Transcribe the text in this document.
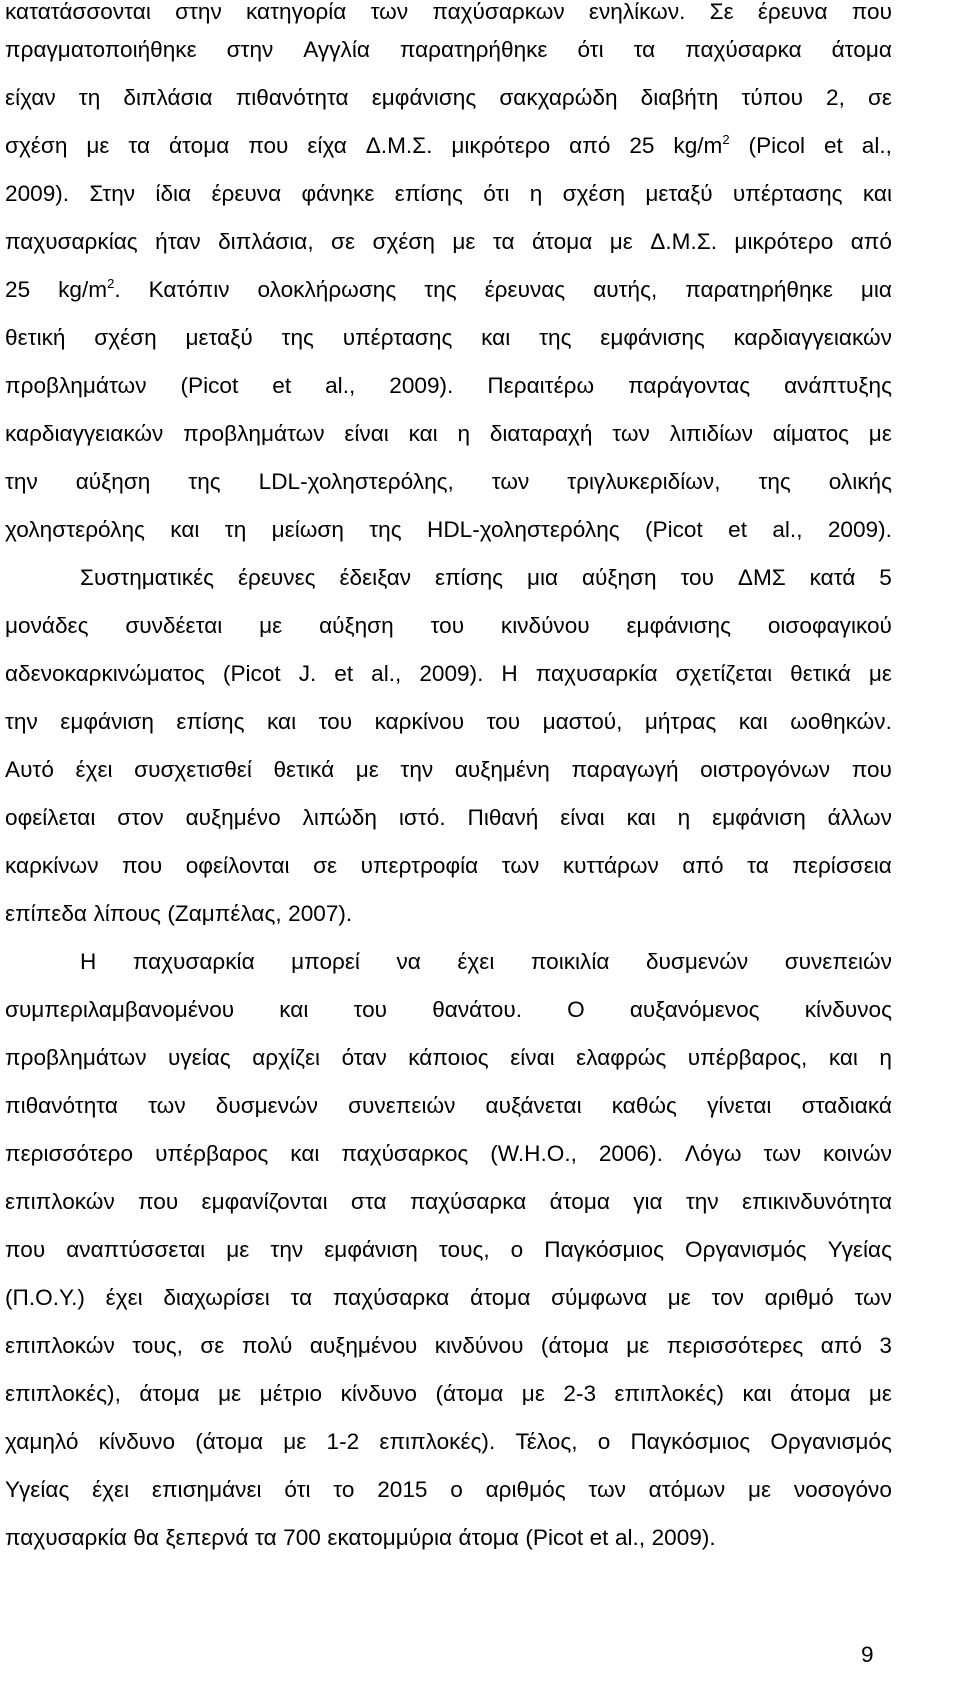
κατατάσσονται στην κατηγορία των παχύσαρκων ενηλίκων. Σε έρευνα που
πραγματοποιήθηκε στην Αγγλία παρατηρήθηκε ότι τα παχύσαρκα άτομα
είχαν τη διπλάσια πιθανότητα εμφάνισης σακχαρώδη διαβήτη τύπου 2, σε
σχέση με τα άτομα που είχα Δ.Μ.Σ. μικρότερο από 25 $kg/m^2$ (Picol et al.,
2009). Στην ίδια έρευνα φάνηκε επίσης ότι η σχέση μεταξύ υπέρτασης και
παχυσαρκίας ήταν διπλάσια, σε σχέση με τα άτομα με Δ.Μ.Σ. μικρότερο από
25 $kg/m^2$. Κατόπιν ολοκλήρωσης της έρευνας αυτής, παρατηρήθηκε μια
θετική σχέση μεταξύ της υπέρτασης και της εμφάνισης καρδιαγγειακών
προβλημάτων (Picot et al., 2009). Περαιτέρω παράγοντας ανάπτυξης
καρδιαγγειακών προβλημάτων είναι και η διαταραχή των λιπιδίων αίματος με
την αύξηση της LDL-χοληστερόλης, των τριγλυκεριδίων, της ολικής
χοληστερόλης και τη μείωση της HDL-χοληστερόλης (Picot et al., 2009).
Συστηματικές έρευνες έδειξαν επίσης μια αύξηση του ΔΜΣ κατά 5
μονάδες συνδέεται με αύξηση του κινδύνου εμφάνισης οισοφαγικού
αδενοκαρκινώματος (Picot J. et al., 2009). Η παχυσαρκία σχετίζεται θετικά με
την εμφάνιση επίσης και του καρκίνου του μαστού, μήτρας και ωοθηκών.
Αυτό έχει συσχετισθεί θετικά με την αυξημένη παραγωγή οιστρογόνων που
οφείλεται στον αυξημένο λιπώδη ιστό. Πιθανή είναι και η εμφάνιση άλλων
καρκίνων που οφείλονται σε υπερτροφία των κυττάρων από τα περίσσεια
επίπεδα λίπους (Ζαμπέλας, 2007).
Η παχυσαρκία μπορεί να έχει ποικιλία δυσμενών συνεπειών
συμπεριλαμβανομένου και του θανάτου. Ο αυξανόμενος κίνδυνος
προβλημάτων υγείας αρχίζει όταν κάποιος είναι ελαφρώς υπέρβαρος, και η
πιθανότητα των δυσμενών συνεπειών αυξάνεται καθώς γίνεται σταδιακά
περισσότερο υπέρβαρος και παχύσαρκος (W.H.O., 2006). Λόγω των κοινών
επιπλοκών που εμφανίζονται στα παχύσαρκα άτομα για την επικινδυνότητα
που αναπτύσσεται με την εμφάνιση τους, ο Παγκόσμιος Οργανισμός Υγείας
(Π.Ο.Υ.) έχει διαχωρίσει τα παχύσαρκα άτομα σύμφωνα με τον αριθμό των
επιπλοκών τους, σε πολύ αυξημένου κινδύνου (άτομα με περισσότερες από 3
επιπλοκές), άτομα με μέτριο κίνδυνο (άτομα με 2-3 επιπλοκές) και άτομα με
χαμηλό κίνδυνο (άτομα με 1-2 επιπλοκές). Τέλος, ο Παγκόσμιος Οργανισμός
Υγείας έχει επισημάνει ότι το 2015 ο αριθμός των ατόμων με νοσογόνο
παχυσαρκία θα ξεπερνά τα 700 εκατομμύρια άτομα (Picot et al., 2009).
9
